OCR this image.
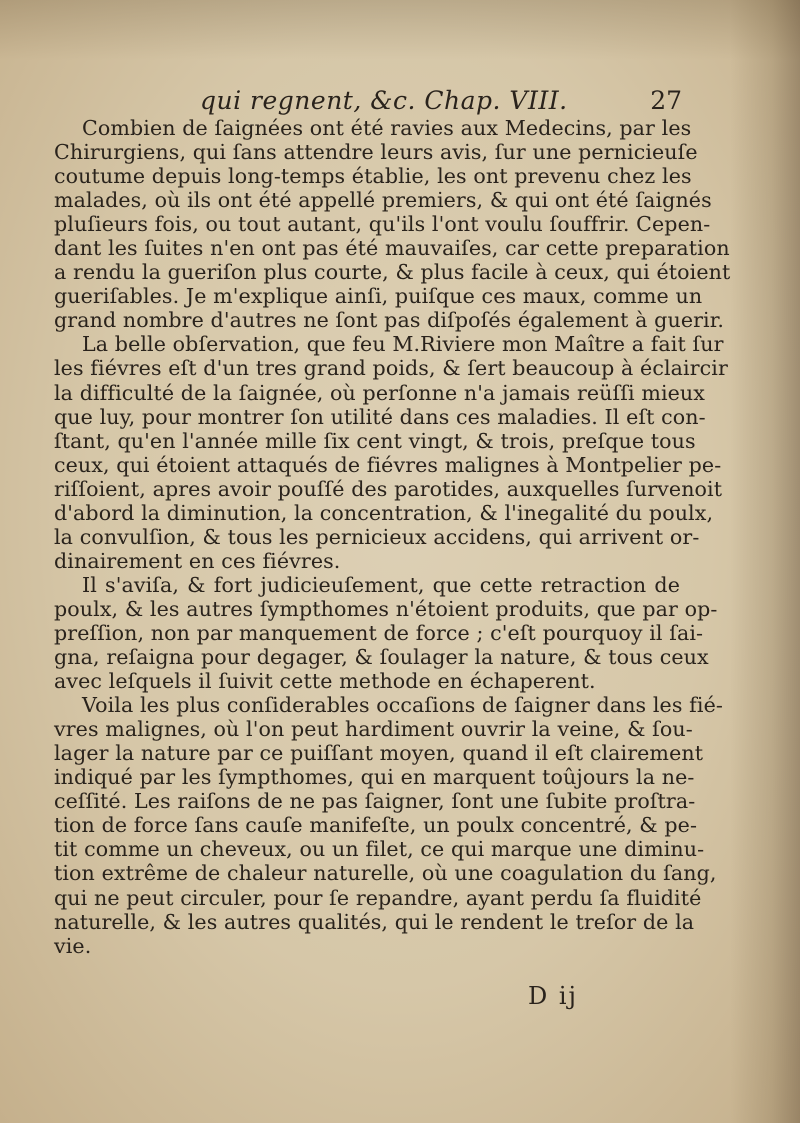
qui regnent, &c. Chap. VIII.	27
Combien de ſaignées ont été ravies aux Medecins, par les
Chirurgiens, qui ſans attendre leurs avis, ſur une pernicieuſe
coutume depuis long-temps établie, les ont prevenu chez les
malades, où ils ont été appellé premiers, & qui ont été ſaignés
pluſieurs fois, ou tout autant, qu'ils l'ont voulu ſouffrir. Cepen-
dant les ſuites n'en ont pas été mauvaiſes, car cette preparation
a rendu la gueriſon plus courte, & plus facile à ceux, qui étoient
gueriſables. Je m'explique ainſi, puiſque ces maux, comme un
grand nombre d'autres ne ſont pas diſpoſés également à guerir.
La belle obſervation, que feu M.Riviere mon Maître a fait ſur
les fiévres eſt d'un tres grand poids, & ſert beaucoup à éclaircir
la difficulté de la ſaignée, où perſonne n'a jamais reüſſi mieux
que luy, pour montrer ſon utilité dans ces maladies. Il eſt con-
ſtant, qu'en l'année mille ſix cent vingt, & trois, preſque tous
ceux, qui étoient attaqués de fiévres malignes à Montpelier pe-
riſſoient, apres avoir pouſſé des parotides, auxquelles ſurvenoit
d'abord la diminution, la concentration, & l'inegalité du poulx,
la convulſion, & tous les pernicieux accidens, qui arrivent or-
dinairement en ces fiévres.
Il s'aviſa, & fort judicieuſement, que cette retraction de
poulx, & les autres ſympthomes n'étoient produits, que par op-
preſſion, non par manquement de force ; c'eſt pourquoy il ſai-
gna, reſaigna pour degager, & ſoulager la nature, & tous ceux
avec leſquels il ſuivit cette methode en échaperent.
Voila les plus conſiderables occaſions de ſaigner dans les fié-
vres malignes, où l'on peut hardiment ouvrir la veine, & ſou-
lager la nature par ce puiſſant moyen, quand il eſt clairement
indiqué par les ſympthomes, qui en marquent toûjours la ne-
ceſſité. Les raiſons de ne pas ſaigner, ſont une ſubite proſtra-
tion de force ſans cauſe manifeſte, un poulx concentré, & pe-
tit comme un cheveux, ou un filet, ce qui marque une diminu-
tion extrême de chaleur naturelle, où une coagulation du ſang,
qui ne peut circuler, pour ſe repandre, ayant perdu ſa fluidité
naturelle, & les autres qualités, qui le rendent le treſor de la
vie.
D ij
